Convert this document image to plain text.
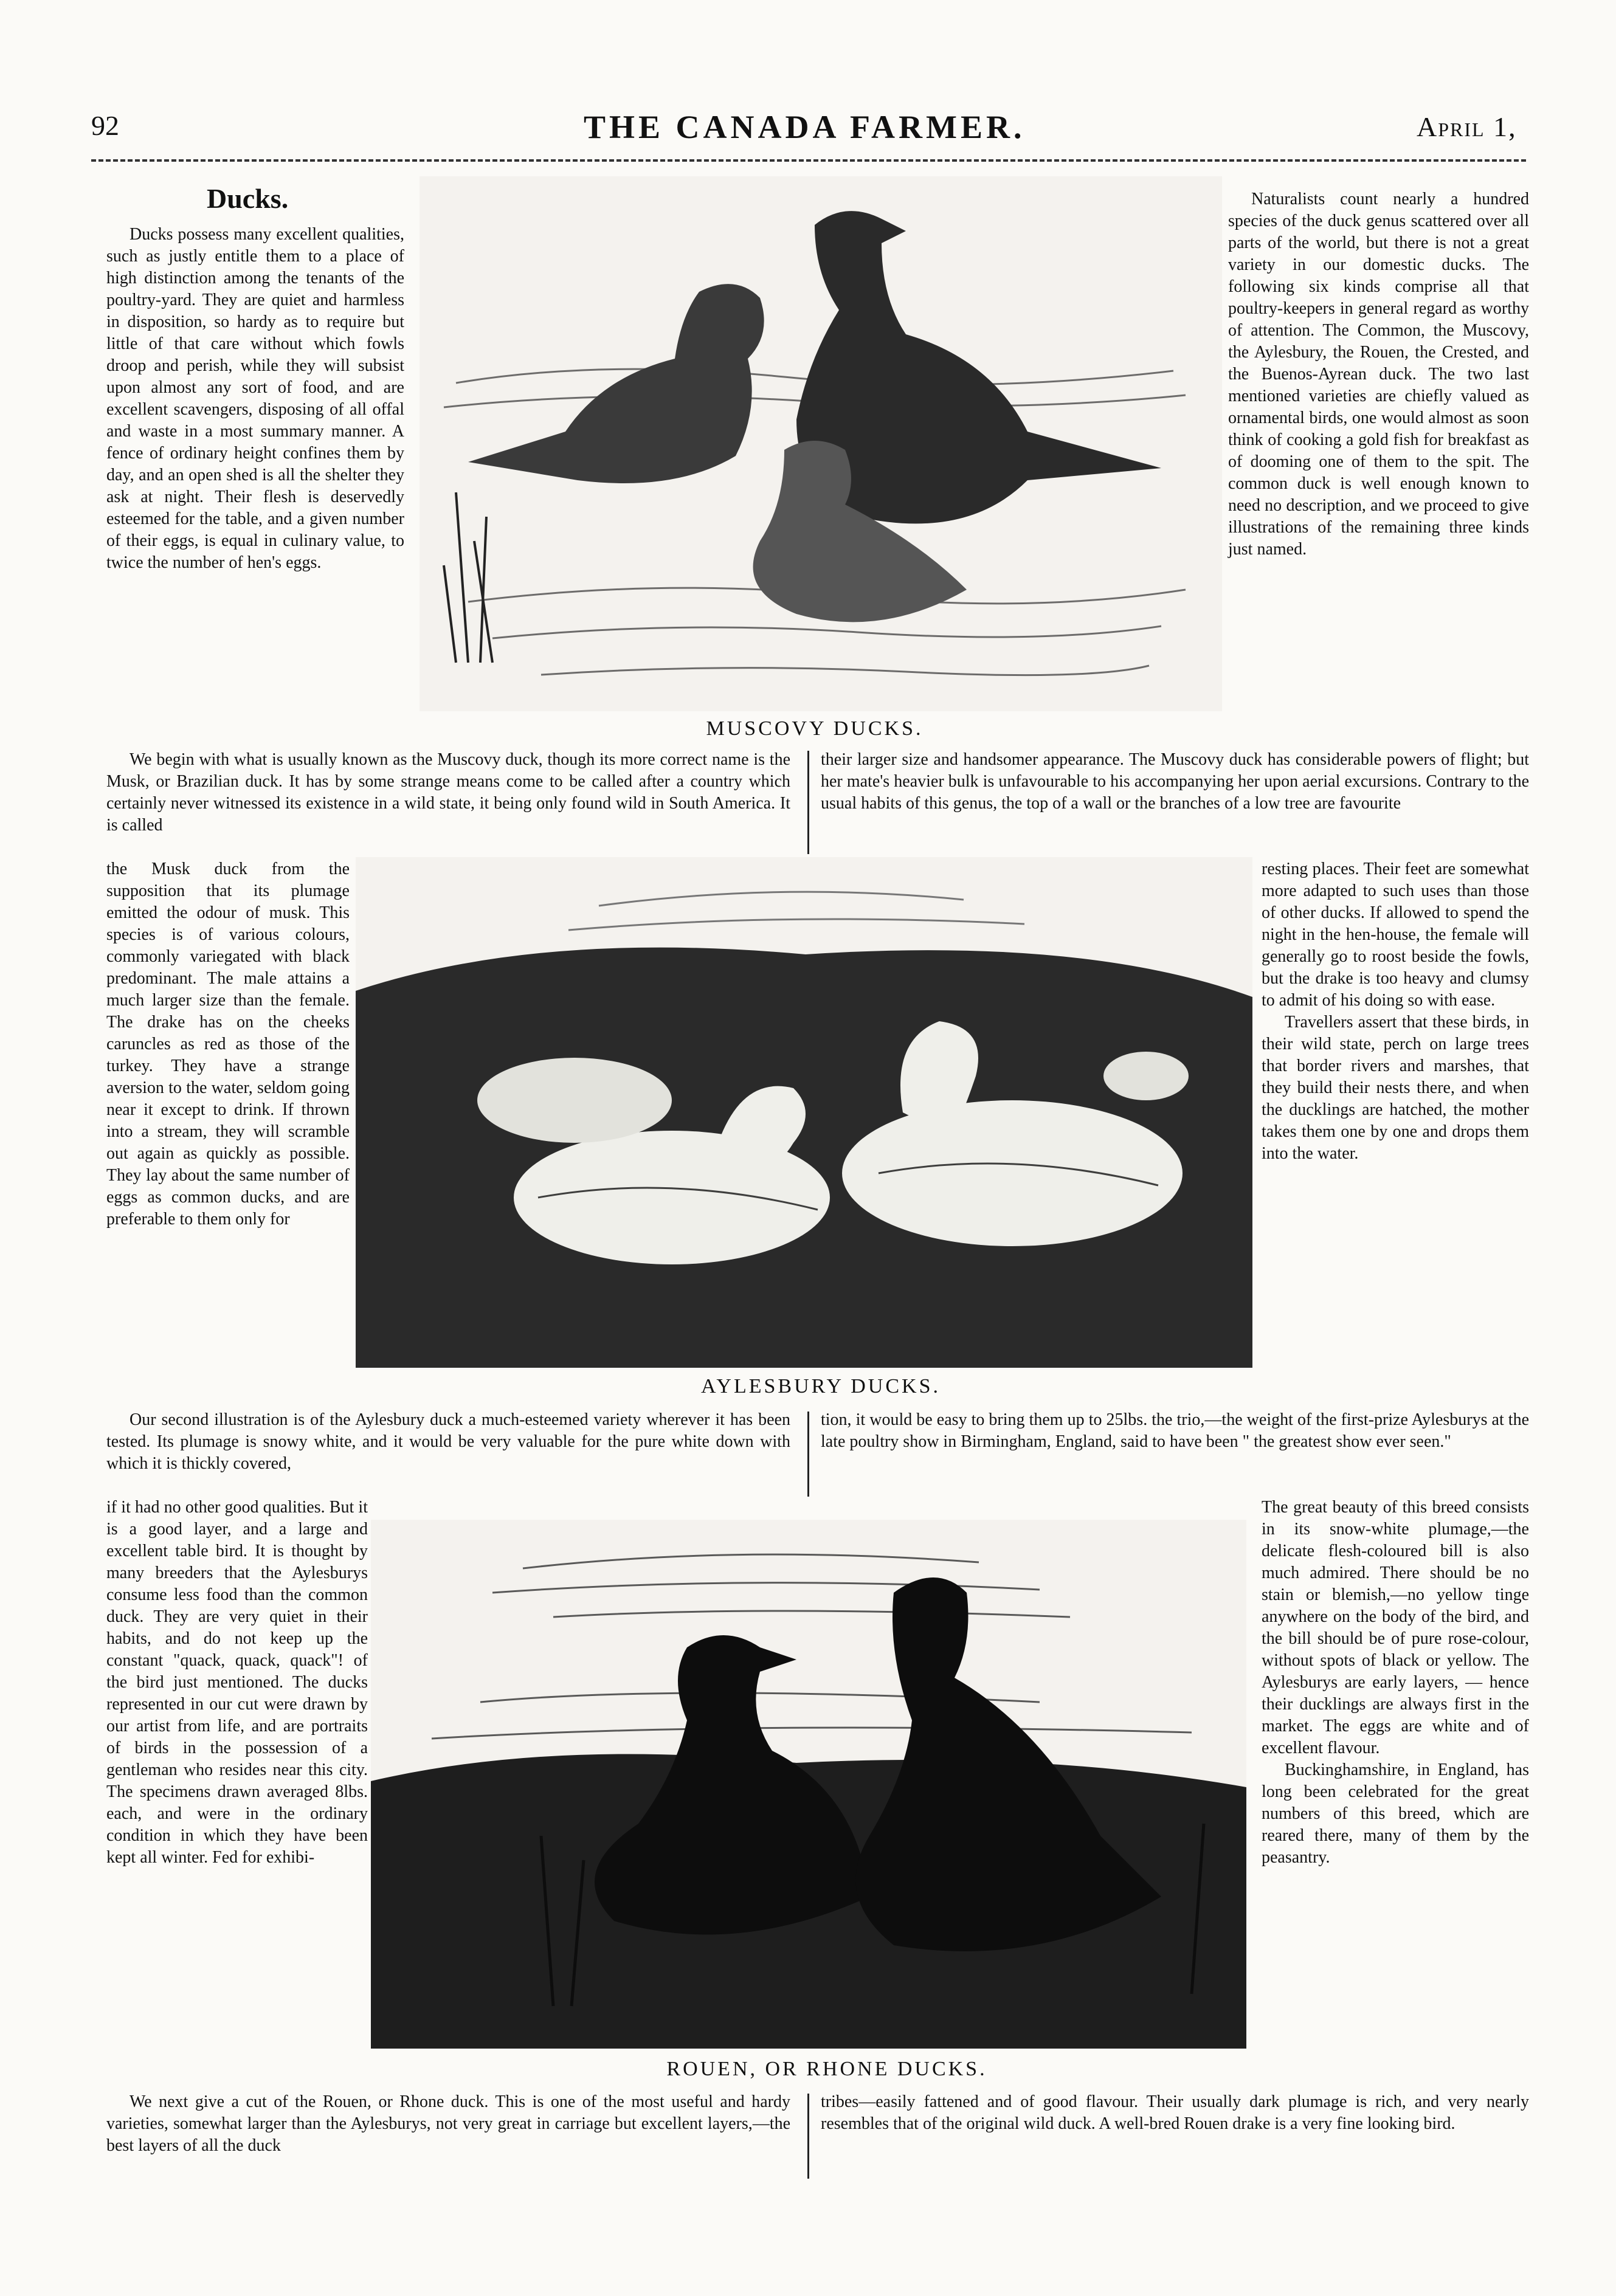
92	THE CANADA FARMER.	April 1,
Ducks.

Ducks possess many excellent qualities, such as justly entitle them to a place of high distinction among the tenants of the poultry-yard. They are quiet and harmless in disposition, so hardy as to require but little of that care without which fowls droop and perish, while they will subsist upon almost any sort of food, and are excellent scavengers, disposing of all offal and waste in a most summary manner. A fence of ordinary height confines them by day, and an open shed is all the shelter they ask at night. Their flesh is deservedly esteemed for the table, and a given number of their eggs, is equal in culinary value, to twice the number of hen's eggs.

Naturalists count nearly a hundred species of the duck genus scattered over all parts of the world, but there is not a great variety in our domestic ducks. The following six kinds comprise all that poultry-keepers in general regard as worthy of attention. The Common, the Muscovy, the Aylesbury, the Rouen, the Crested, and the Buenos-Ayrean duck. The two last mentioned varieties are chiefly valued as ornamental birds, one would almost as soon think of cooking a gold fish for breakfast as of dooming one of them to the spit. The common duck is well enough known to need no description, and we proceed to give illustrations of the remaining three kinds just named.

MUSCOVY DUCKS.

We begin with what is usually known as the Muscovy duck, though its more correct name is the Musk, or Brazilian duck. It has by some strange means come to be called after a country which certainly never witnessed its existence in a wild state, it being only found wild in South America. It is called

their larger size and handsomer appearance. The Muscovy duck has considerable powers of flight; but her mate's heavier bulk is unfavourable to his accompanying her upon aerial excursions. Contrary to the usual habits of this genus, the top of a wall or the branches of a low tree are favourite

the Musk duck from the supposition that its plumage emitted the odour of musk. This species is of various colours, commonly variegated with black predominant. The male attains a much larger size than the female. The drake has on the cheeks caruncles as red as those of the turkey. They have a strange aversion to the water, seldom going near it except to drink. If thrown into a stream, they will scramble out again as quickly as possible. They lay about the same number of eggs as common ducks, and are preferable to them only for

resting places. Their feet are somewhat more adapted to such uses than those of other ducks. If allowed to spend the night in the hen-house, the female will generally go to roost beside the fowls, but the drake is too heavy and clumsy to admit of his doing so with ease.

Travellers assert that these birds, in their wild state, perch on large trees that border rivers and marshes, that they build their nests there, and when the ducklings are hatched, the mother takes them one by one and drops them into the water.

AYLESBURY DUCKS.

Our second illustration is of the Aylesbury duck a much-esteemed variety wherever it has been tested. Its plumage is snowy white, and it would be very valuable for the pure white down with which it is thickly covered,

tion, it would be easy to bring them up to 25lbs. the trio,—the weight of the first-prize Aylesburys at the late poultry show in Birmingham, England, said to have been " the greatest show ever seen."

if it had no other good qualities. But it is a good layer, and a large and excellent table bird. It is thought by many breeders that the Aylesburys consume less food than the common duck. They are very quiet in their habits, and do not keep up the constant "quack, quack, quack"! of the bird just mentioned. The ducks represented in our cut were drawn by our artist from life, and are portraits of birds in the possession of a gentleman who resides near this city. The specimens drawn averaged 8lbs. each, and were in the ordinary condition in which they have been kept all winter. Fed for exhibi-

The great beauty of this breed consists in its snow-white plumage,—the delicate flesh-coloured bill is also much admired. There should be no stain or blemish,—no yellow tinge anywhere on the body of the bird, and the bill should be of pure rose-colour, without spots of black or yellow. The Aylesburys are early layers, — hence their ducklings are always first in the market. The eggs are white and of excellent flavour.

Buckinghamshire, in England, has long been celebrated for the great numbers of this breed, which are reared there, many of them by the peasantry.

ROUEN, OR RHONE DUCKS.

We next give a cut of the Rouen, or Rhone duck. This is one of the most useful and hardy varieties, somewhat larger than the Aylesburys, not very great in carriage but excellent layers,—the best layers of all the duck

tribes—easily fattened and of good flavour. Their usually dark plumage is rich, and very nearly resembles that of the original wild duck. A well-bred Rouen drake is a very fine looking bird.
